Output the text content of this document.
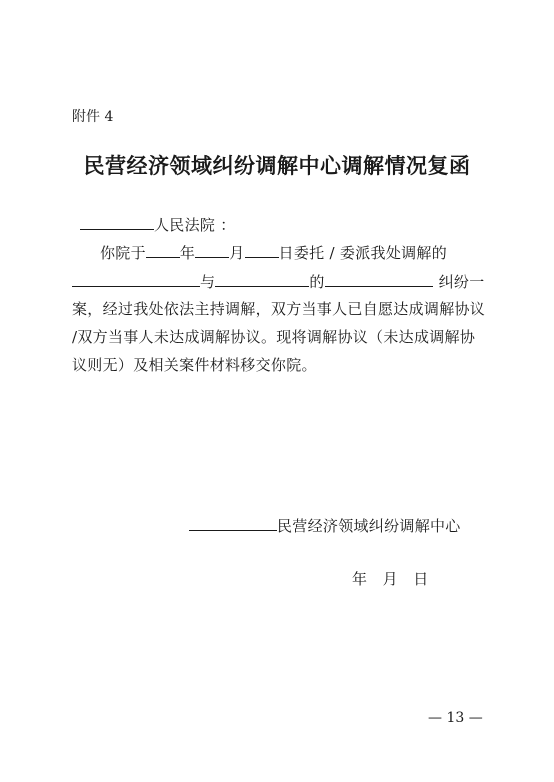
附件 4
民营经济领域纠纷调解中心调解情况复函
人民法院 ：
你院于 年 月 日委托 / 委派我处调解的
与	的	纠纷一
案，经过我处依法主持调解，双方当事人已自愿达成调解协议
/双方当事人未达成调解协议。现将调解协议（未达成调解协
议则无）及相关案件材料移交你院。
民营经济领域纠纷调解中心
年　月　日
— 13 —
